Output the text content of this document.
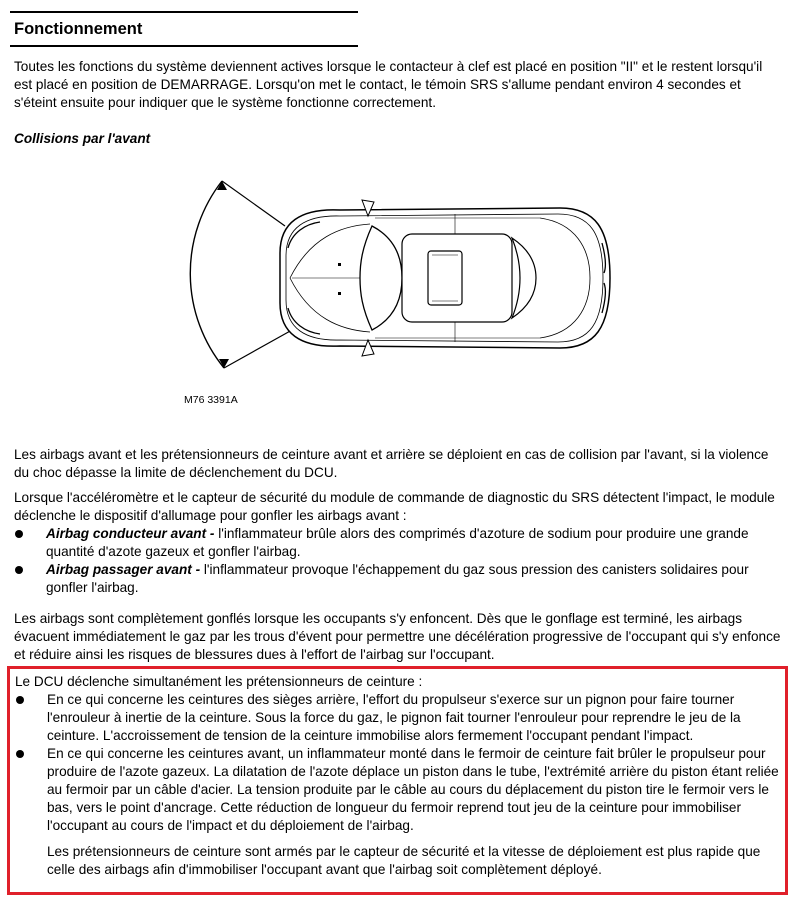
Fonctionnement
Toutes les fonctions du système deviennent actives lorsque le contacteur à clef est placé en position "II" et le restent lorsqu'il est placé en position de DEMARRAGE. Lorsqu'on met le contact, le témoin SRS s'allume pendant environ 4 secondes et s'éteint ensuite pour indiquer que le système fonctionne correctement.
Collisions par l'avant
M76 3391A
Les airbags avant et les prétensionneurs de ceinture avant et arrière se déploient en cas de collision par l'avant, si la violence du choc dépasse la limite de déclenchement du DCU.
Lorsque l'accéléromètre et le capteur de sécurité du module de commande de diagnostic du SRS détectent l'impact, le module déclenche le dispositif d'allumage pour gonfler les airbags avant :
Airbag conducteur avant - l'inflammateur brûle alors des comprimés d'azoture de sodium pour produire une grande quantité d'azote gazeux et gonfler l'airbag.
Airbag passager avant - l'inflammateur provoque l'échappement du gaz sous pression des canisters solidaires pour gonfler l'airbag.
Les airbags sont complètement gonflés lorsque les occupants s'y enfoncent. Dès que le gonflage est terminé, les airbags évacuent immédiatement le gaz par les trous d'évent pour permettre une décélération progressive de l'occupant qui s'y enfonce et réduire ainsi les risques de blessures dues à l'effort de l'airbag sur l'occupant.
Le DCU déclenche simultanément les prétensionneurs de ceinture :
En ce qui concerne les ceintures des sièges arrière, l'effort du propulseur s'exerce sur un pignon pour faire tourner l'enrouleur à inertie de la ceinture. Sous la force du gaz, le pignon fait tourner l'enrouleur pour reprendre le jeu de la ceinture. L'accroissement de tension de la ceinture immobilise alors fermement l'occupant pendant l'impact.
En ce qui concerne les ceintures avant, un inflammateur monté dans le fermoir de ceinture fait brûler le propulseur pour produire de l'azote gazeux. La dilatation de l'azote déplace un piston dans le tube, l'extrémité arrière du piston étant reliée au fermoir par un câble d'acier. La tension produite par le câble au cours du déplacement du piston tire le fermoir vers le bas, vers le point d'ancrage. Cette réduction de longueur du fermoir reprend tout jeu de la ceinture pour immobiliser l'occupant au cours de l'impact et du déploiement de l'airbag.
Les prétensionneurs de ceinture sont armés par le capteur de sécurité et la vitesse de déploiement est plus rapide que celle des airbags afin d'immobiliser l'occupant avant que l'airbag soit complètement déployé.
